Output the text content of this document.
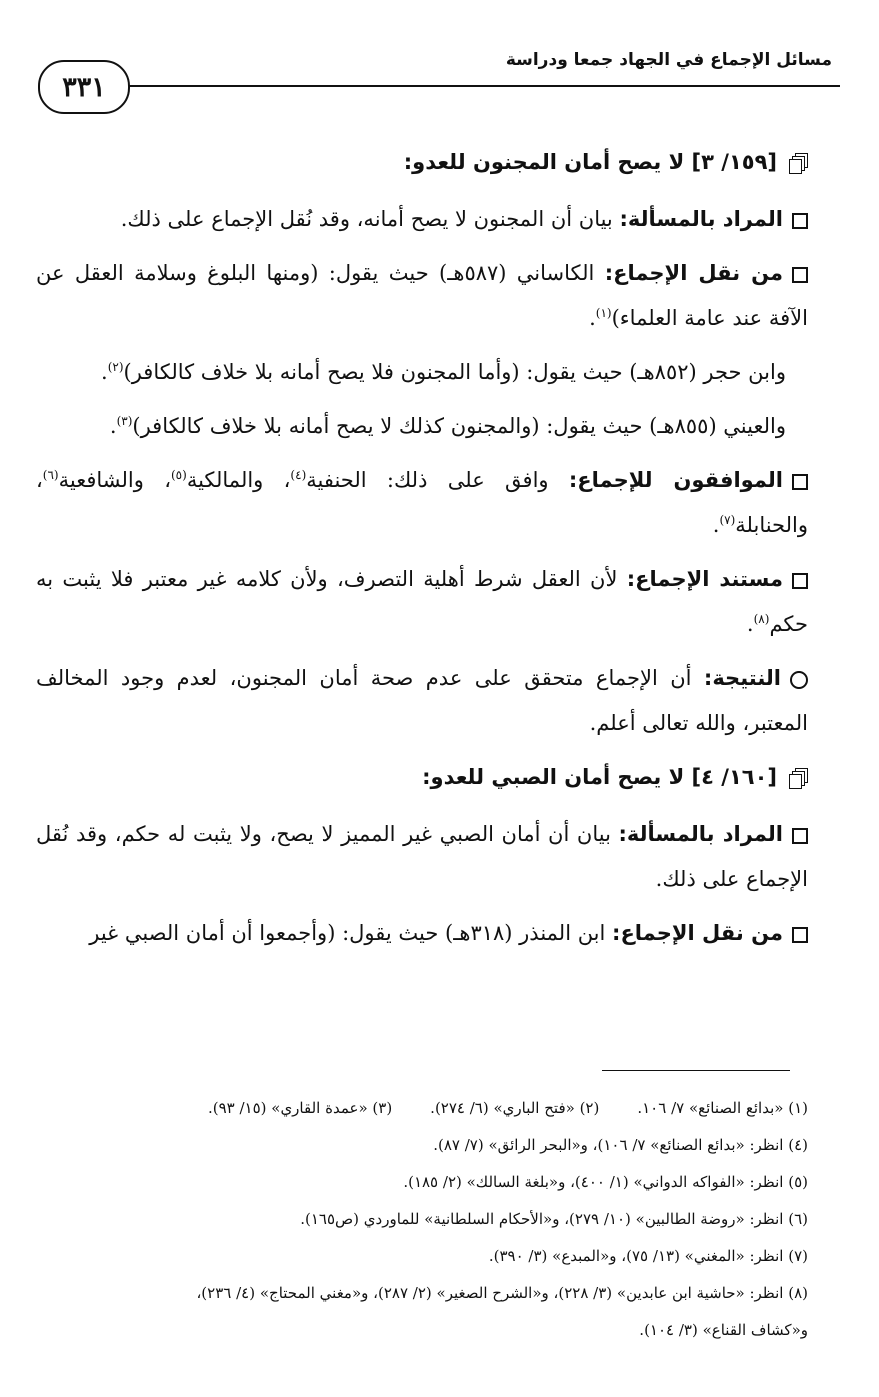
مسائل الإجماع في الجهاد جمعا ودراسة
٣٣١

[١٥٩/ ٣] لا يصح أمان المجنون للعدو:

المراد بالمسألة: بيان أن المجنون لا يصح أمانه، وقد نُقل الإجماع على ذلك.

من نقل الإجماع: الكاساني (٥٨٧هـ) حيث يقول: (ومنها البلوغ وسلامة العقل عن الآفة عند عامة العلماء)$^{(١)}$.

وابن حجر (٨٥٢هـ) حيث يقول: (وأما المجنون فلا يصح أمانه بلا خلاف كالكافر)$^{(٢)}$.

والعيني (٨٥٥هـ) حيث يقول: (والمجنون كذلك لا يصح أمانه بلا خلاف كالكافر)$^{(٣)}$.

الموافقون للإجماع: وافق على ذلك: الحنفية$^{(٤)}$، والمالكية$^{(٥)}$، والشافعية$^{(٦)}$، والحنابلة$^{(٧)}$.

مستند الإجماع: لأن العقل شرط أهلية التصرف، ولأن كلامه غير معتبر فلا يثبت به حكم$^{(٨)}$.

النتيجة: أن الإجماع متحقق على عدم صحة أمان المجنون، لعدم وجود المخالف المعتبر، والله تعالى أعلم.

[١٦٠/ ٤] لا يصح أمان الصبي للعدو:

المراد بالمسألة: بيان أن أمان الصبي غير المميز لا يصح، ولا يثبت له حكم، وقد نُقل الإجماع على ذلك.

من نقل الإجماع: ابن المنذر (٣١٨هـ) حيث يقول: (وأجمعوا أن أمان الصبي غير

(١) «بدائع الصنائع» ٧/ ١٠٦.(٢) «فتح الباري» (٦/ ٢٧٤).(٣) «عمدة القاري» (١٥/ ٩٣).
(٤) انظر: «بدائع الصنائع» ٧/ ١٠٦)، و«البحر الرائق» (٧/ ٨٧).
(٥) انظر: «الفواكه الدواني» (١/ ٤٠٠)، و«بلغة السالك» (٢/ ١٨٥).
(٦) انظر: «روضة الطالبين» (١٠/ ٢٧٩)، و«الأحكام السلطانية» للماوردي (ص١٦٥).
(٧) انظر: «المغني» (١٣/ ٧٥)، و«المبدع» (٣/ ٣٩٠).
(٨) انظر: «حاشية ابن عابدين» (٣/ ٢٢٨)، و«الشرح الصغير» (٢/ ٢٨٧)، و«مغني المحتاج» (٤/ ٢٣٦)،
و«كشاف القناع» (٣/ ١٠٤).
